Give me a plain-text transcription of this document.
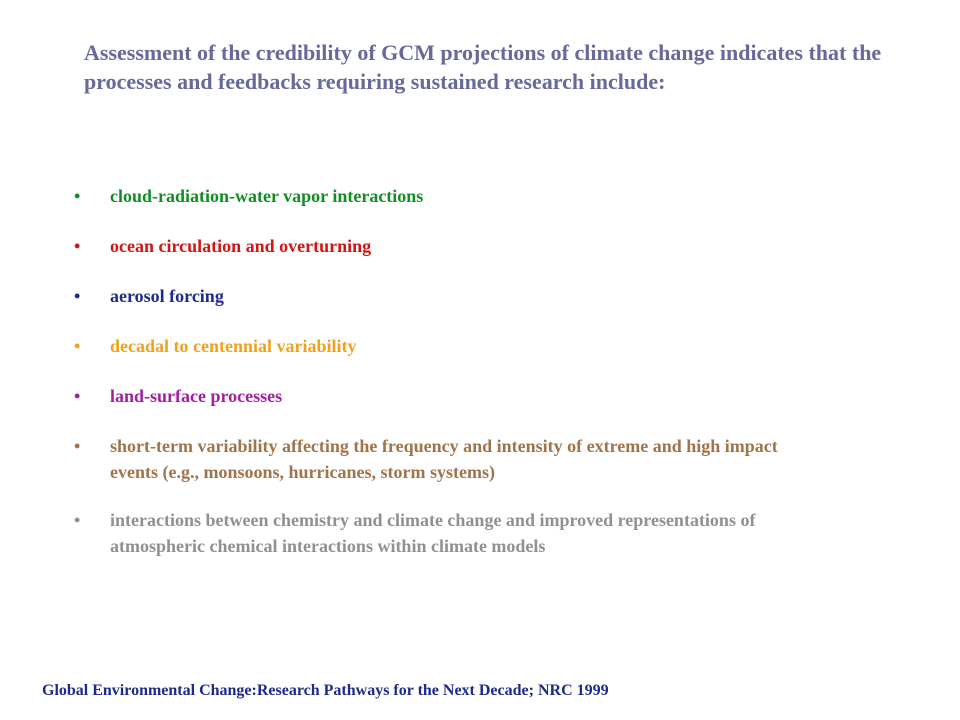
Assessment of the credibility of GCM projections of climate change indicates that the processes and feedbacks requiring sustained research include:
• cloud-radiation-water vapor interactions
• ocean circulation and overturning
• aerosol forcing
• decadal to centennial variability
• land-surface processes
• short-term variability affecting the frequency and intensity of extreme and high impact events (e.g., monsoons, hurricanes, storm systems)
• interactions between chemistry and climate change and improved representations of atmospheric chemical interactions within climate models

Global Environmental Change:Research Pathways for the Next Decade; NRC 1999
